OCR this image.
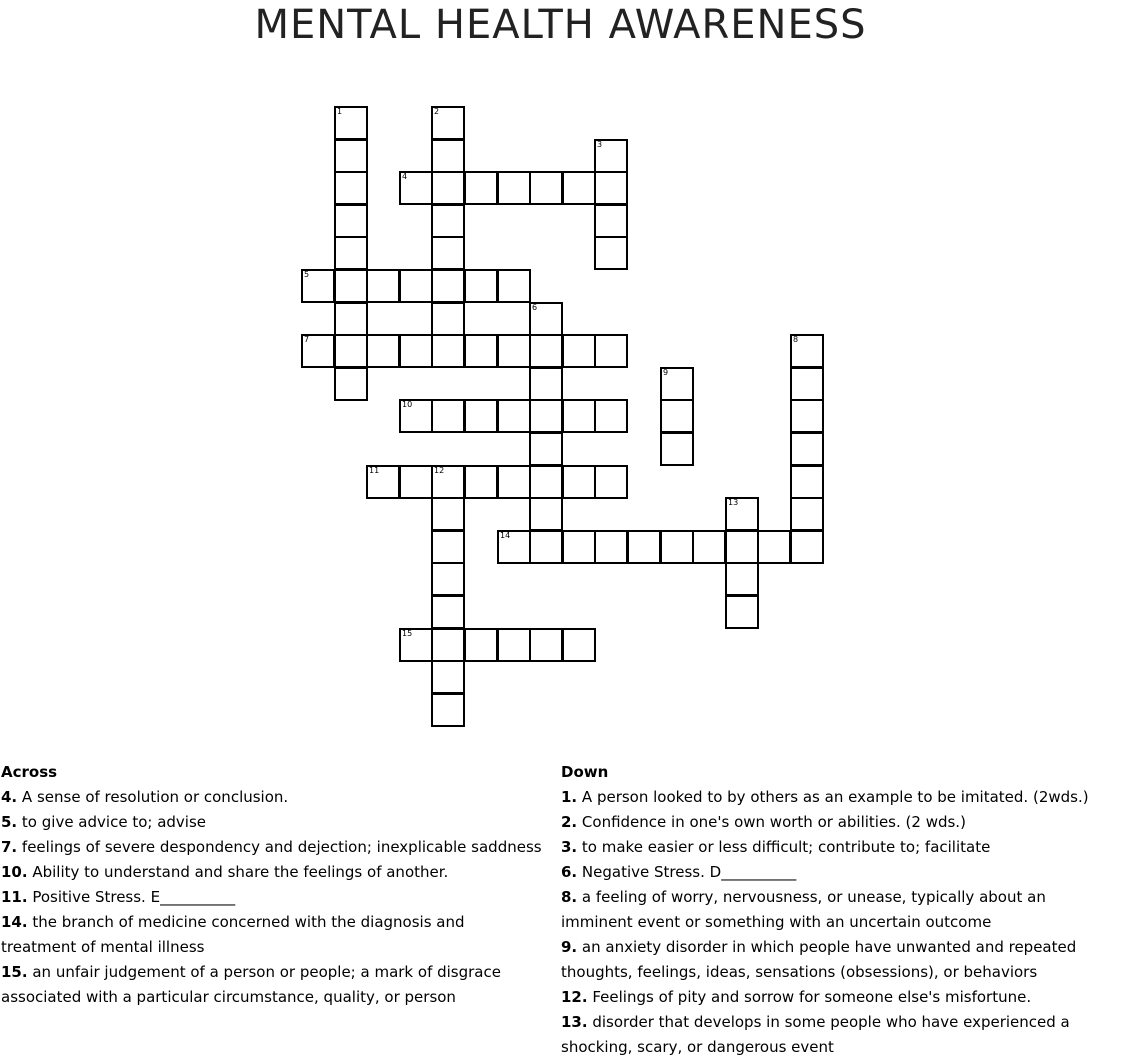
MENTAL HEALTH AWARENESS
1	2
3
4
5
6
7	8
9
10
11	12
13
14
15
Across
4. A sense of resolution or conclusion.
5. to give advice to; advise
7. feelings of severe despondency and dejection; inexplicable saddness
10. Ability to understand and share the feelings of another.
11. Positive Stress. E__________
14. the branch of medicine concerned with the diagnosis and treatment of mental illness
15. an unfair judgement of a person or people; a mark of disgrace associated with a particular circumstance, quality, or person
Down
1. A person looked to by others as an example to be imitated. (2wds.)
2. Confidence in one's own worth or abilities. (2 wds.)
3. to make easier or less difficult; contribute to; facilitate
6. Negative Stress. D__________
8. a feeling of worry, nervousness, or unease, typically about an imminent event or something with an uncertain outcome
9. an anxiety disorder in which people have unwanted and repeated thoughts, feelings, ideas, sensations (obsessions), or behaviors
12. Feelings of pity and sorrow for someone else's misfortune.
13. disorder that develops in some people who have experienced a shocking, scary, or dangerous event
